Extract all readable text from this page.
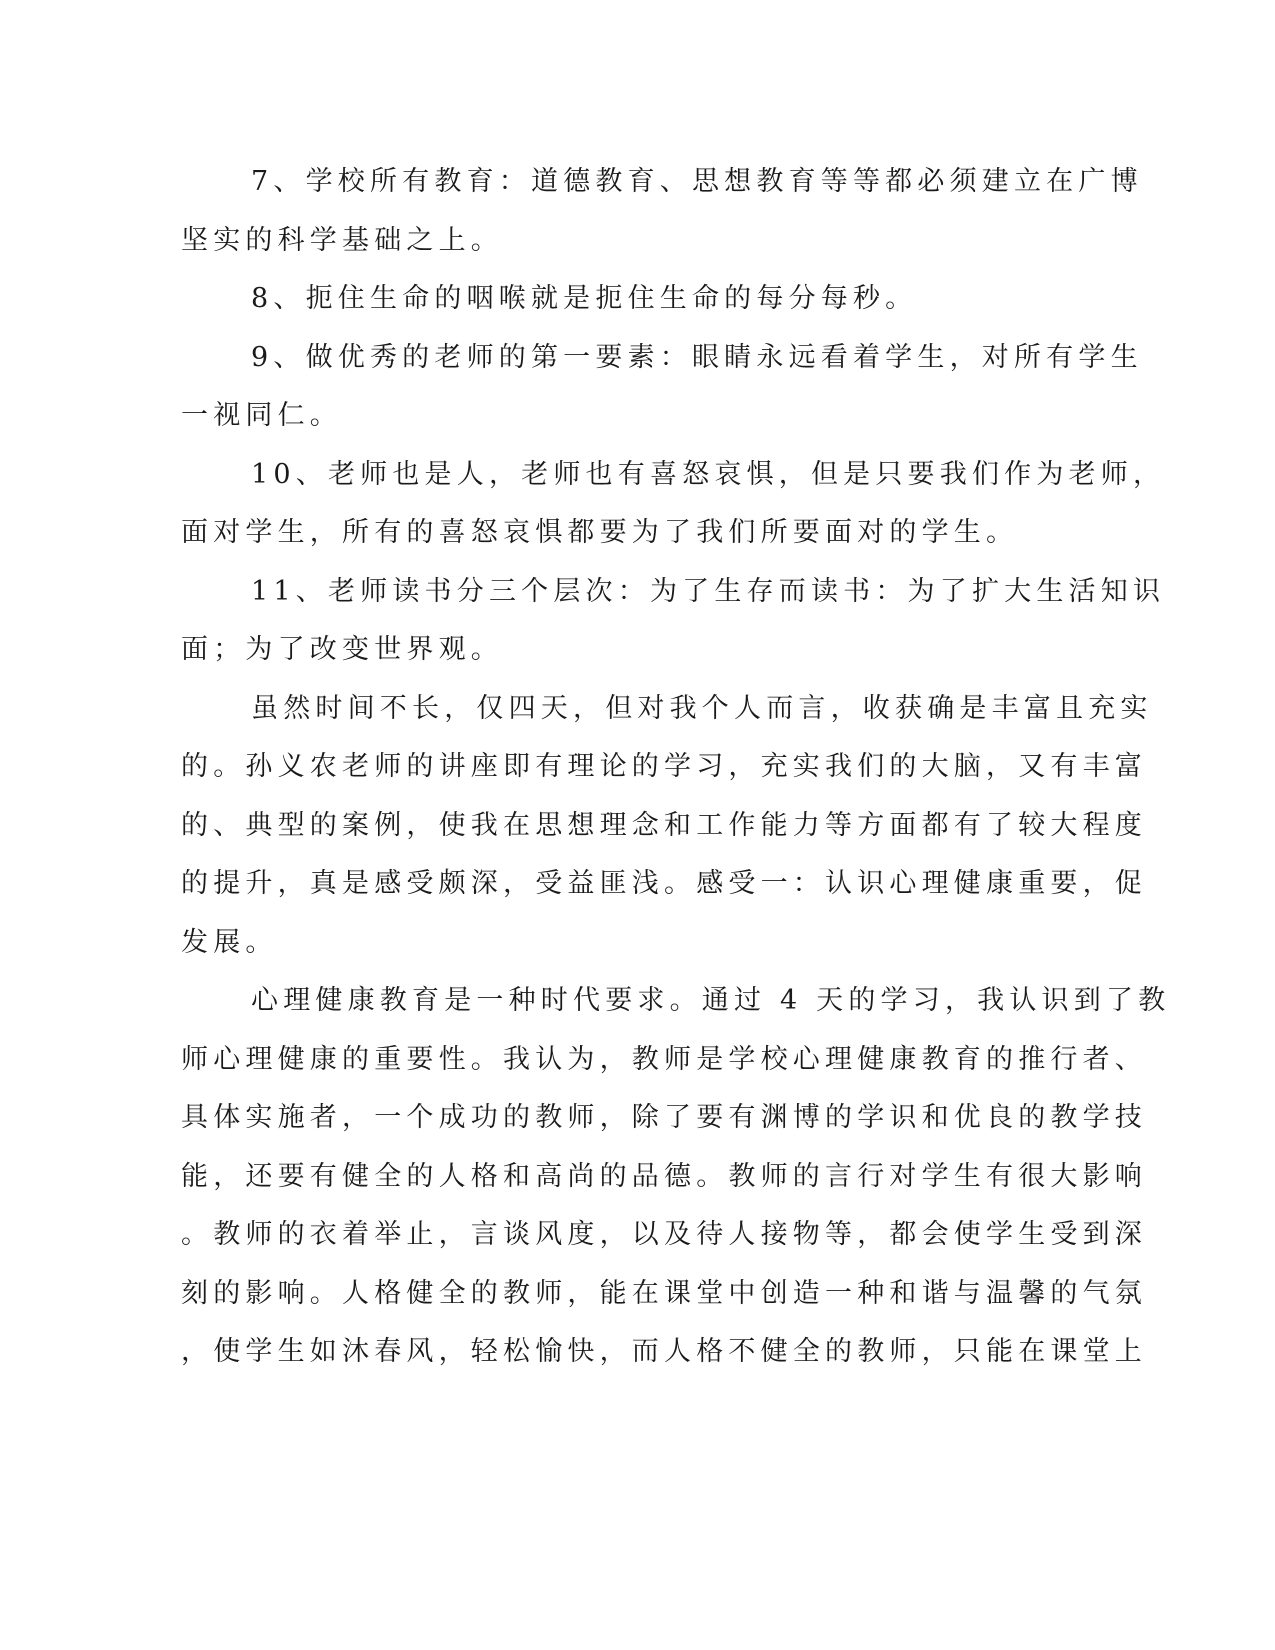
7、学校所有教育：道德教育、思想教育等等都必须建立在广博
坚实的科学基础之上。
8、扼住生命的咽喉就是扼住生命的每分每秒。
9、做优秀的老师的第一要素：眼睛永远看着学生，对所有学生
一视同仁。
10、老师也是人，老师也有喜怒哀惧，但是只要我们作为老师，
面对学生，所有的喜怒哀惧都要为了我们所要面对的学生。
11、老师读书分三个层次：为了生存而读书：为了扩大生活知识
面；为了改变世界观。
虽然时间不长，仅四天，但对我个人而言，收获确是丰富且充实
的。孙义农老师的讲座即有理论的学习，充实我们的大脑，又有丰富
的、典型的案例，使我在思想理念和工作能力等方面都有了较大程度
的提升，真是感受颇深，受益匪浅。感受一：认识心理健康重要，促
发展。
心理健康教育是一种时代要求。通过 4 天的学习，我认识到了教
师心理健康的重要性。我认为，教师是学校心理健康教育的推行者、
具体实施者，一个成功的教师，除了要有渊博的学识和优良的教学技
能，还要有健全的人格和高尚的品德。教师的言行对学生有很大影响
。教师的衣着举止，言谈风度，以及待人接物等，都会使学生受到深
刻的影响。人格健全的教师，能在课堂中创造一种和谐与温馨的气氛
，使学生如沐春风，轻松愉快，而人格不健全的教师，只能在课堂上
